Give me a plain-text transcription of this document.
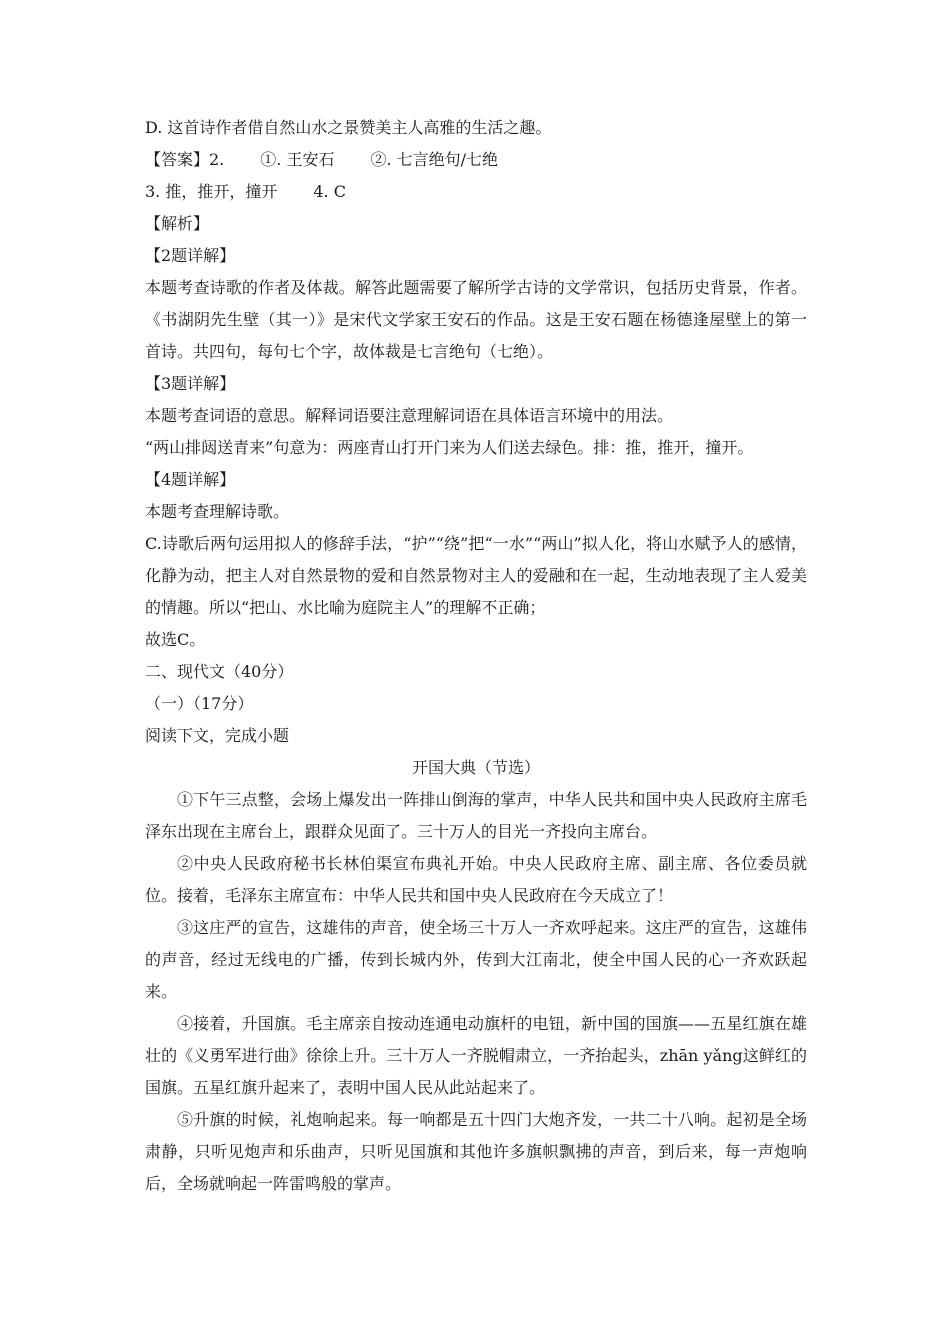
D. 这首诗作者借自然山水之景赞美主人高雅的生活之趣。

【答案】2. ①. 王安石 ②. 七言绝句/七绝

3. 推，推开，撞开 4. C

【解析】

【2题详解】

本题考查诗歌的作者及体裁。解答此题需要了解所学古诗的文学常识，包括历史背景，作者。《书湖阴先生壁（其一）》是宋代文学家王安石的作品。这是王安石题在杨德逢屋壁上的第一首诗。共四句，每句七个字，故体裁是七言绝句（七绝）。

【3题详解】

本题考查词语的意思。解释词语要注意理解词语在具体语言环境中的用法。

“两山排闼送青来”句意为：两座青山打开门来为人们送去绿色。排：推，推开，撞开。

【4题详解】

本题考查理解诗歌。

C.诗歌后两句运用拟人的修辞手法，“护”“绕”把“一水”“两山”拟人化，将山水赋予人的感情，化静为动，把主人对自然景物的爱和自然景物对主人的爱融和在一起，生动地表现了主人爱美的情趣。所以“把山、水比喻为庭院主人”的理解不正确；

故选C。

二、现代文（40分）

（一）（17分）

阅读下文，完成小题

开国大典（节选）

①下午三点整，会场上爆发出一阵排山倒海的掌声，中华人民共和国中央人民政府主席毛泽东出现在主席台上，跟群众见面了。三十万人的目光一齐投向主席台。

②中央人民政府秘书长林伯渠宣布典礼开始。中央人民政府主席、副主席、各位委员就位。接着，毛泽东主席宣布：中华人民共和国中央人民政府在今天成立了！

③这庄严的宣告，这雄伟的声音，使全场三十万人一齐欢呼起来。这庄严的宣告，这雄伟的声音，经过无线电的广播，传到长城内外，传到大江南北，使全中国人民的心一齐欢跃起来。

④接着，升国旗。毛主席亲自按动连通电动旗杆的电钮，新中国的国旗——五星红旗在雄壮的《义勇军进行曲》徐徐上升。三十万人一齐脱帽肃立，一齐抬起头，zhān yǎng这鲜红的国旗。五星红旗升起来了，表明中国人民从此站起来了。

⑤升旗的时候，礼炮响起来。每一响都是五十四门大炮齐发，一共二十八响。起初是全场肃静，只听见炮声和乐曲声，只听见国旗和其他许多旗帜飘拂的声音，到后来，每一声炮响后，全场就响起一阵雷鸣般的掌声。
